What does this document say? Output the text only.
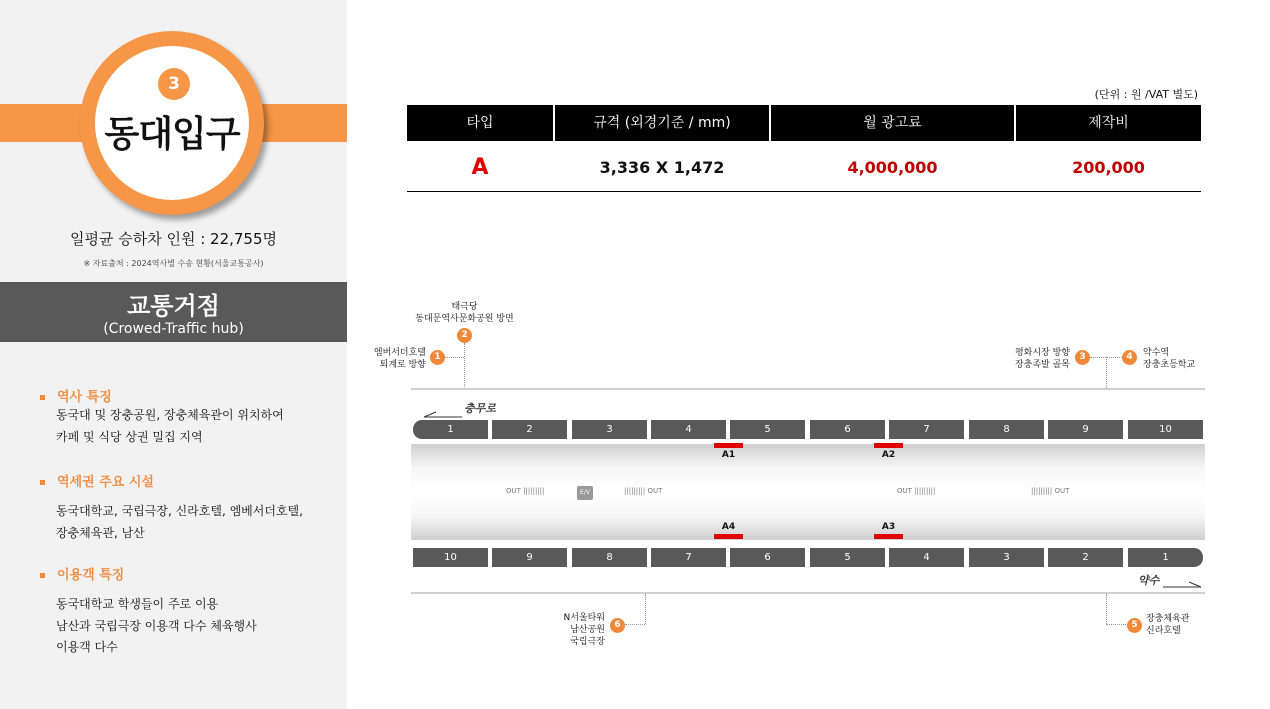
3
동대입구
일평균 승하차 인원 : 22,755명
※ 자료출처 : 2024역사별 수송 현황(서울교통공사)
교통거점
(Crowed-Traffic hub)
역사 특징
동국대 및 장충공원, 장충체육관이 위치하여
카페 및 식당 상권 밀집 지역
역세권 주요 시설
동국대학교, 국립극장, 신라호텔, 엠베서더호텔,
장충체육관, 남산
이용객 특징
동국대학교 학생들이 주로 이용
남산과 국립극장 이용객 다수 체육행사
이용객 다수
(단위 : 원 /VAT 별도)
타입	규격 (외경기준 / mm)	월 광고료	제작비
A	3,336 X 1,472	4,000,000	200,000
엠버서더호텔
퇴계로 방향
1
태극당
동대문역사문화공원 방면
2
평화시장 방향
장충족발 골목
3	4	약수역
장충초등학교
충무로
1	2	3	4	5	6	7	8	9	10
A1	A2
OUT |||||||||	E/V	||||||||| OUT	OUT |||||||||	||||||||| OUT
A4	A3
10	9	8	7	6	5	4	3	2	1
약수
6
N서울타워
남산공원
국립극장
5
장충체육관
신라호텔
